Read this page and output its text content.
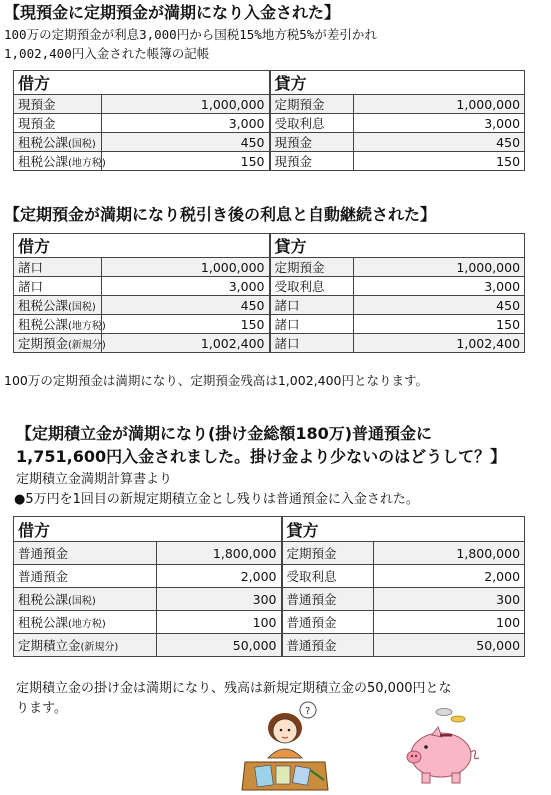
【現預金に定期預金が満期になり入金された】
100万の定期預金が利息3,000円から国税15%地方税5%が差引かれ
1,002,400円入金された帳簿の記帳
借方		貸方	
現預金	1,000,000	定期預金	1,000,000
現預金	3,000	受取利息	3,000
租税公課(国税)	450	現預金	450
租税公課(地方税)	150	現預金	150
【定期預金が満期になり税引き後の利息と自動継続された】
借方		貸方	
諸口	1,000,000	定期預金	1,000,000
諸口	3,000	受取利息	3,000
租税公課(国税)	450	諸口	450
租税公課(地方税)	150	諸口	150
定期預金(新規分)	1,002,400	諸口	1,002,400
100万の定期預金は満期になり、定期預金残高は1,002,400円となります。
【定期積立金が満期になり(掛け金総額180万)普通預金に
1,751,600円入金されました。掛け金より少ないのはどうして？】
定期積立金満期計算書より
●5万円を1回目の新規定期積立金とし残りは普通預金に入金された。
借方		貸方	
普通預金	1,800,000	定期預金	1,800,000
普通預金	2,000	受取利息	2,000
租税公課(国税)	300	普通預金	300
租税公課(地方税)	100	普通預金	100
定期積立金(新規分)	50,000	普通預金	50,000
定期積立金の掛け金は満期になり、残高は新規定期積立金の50,000円とな
ります。	?
